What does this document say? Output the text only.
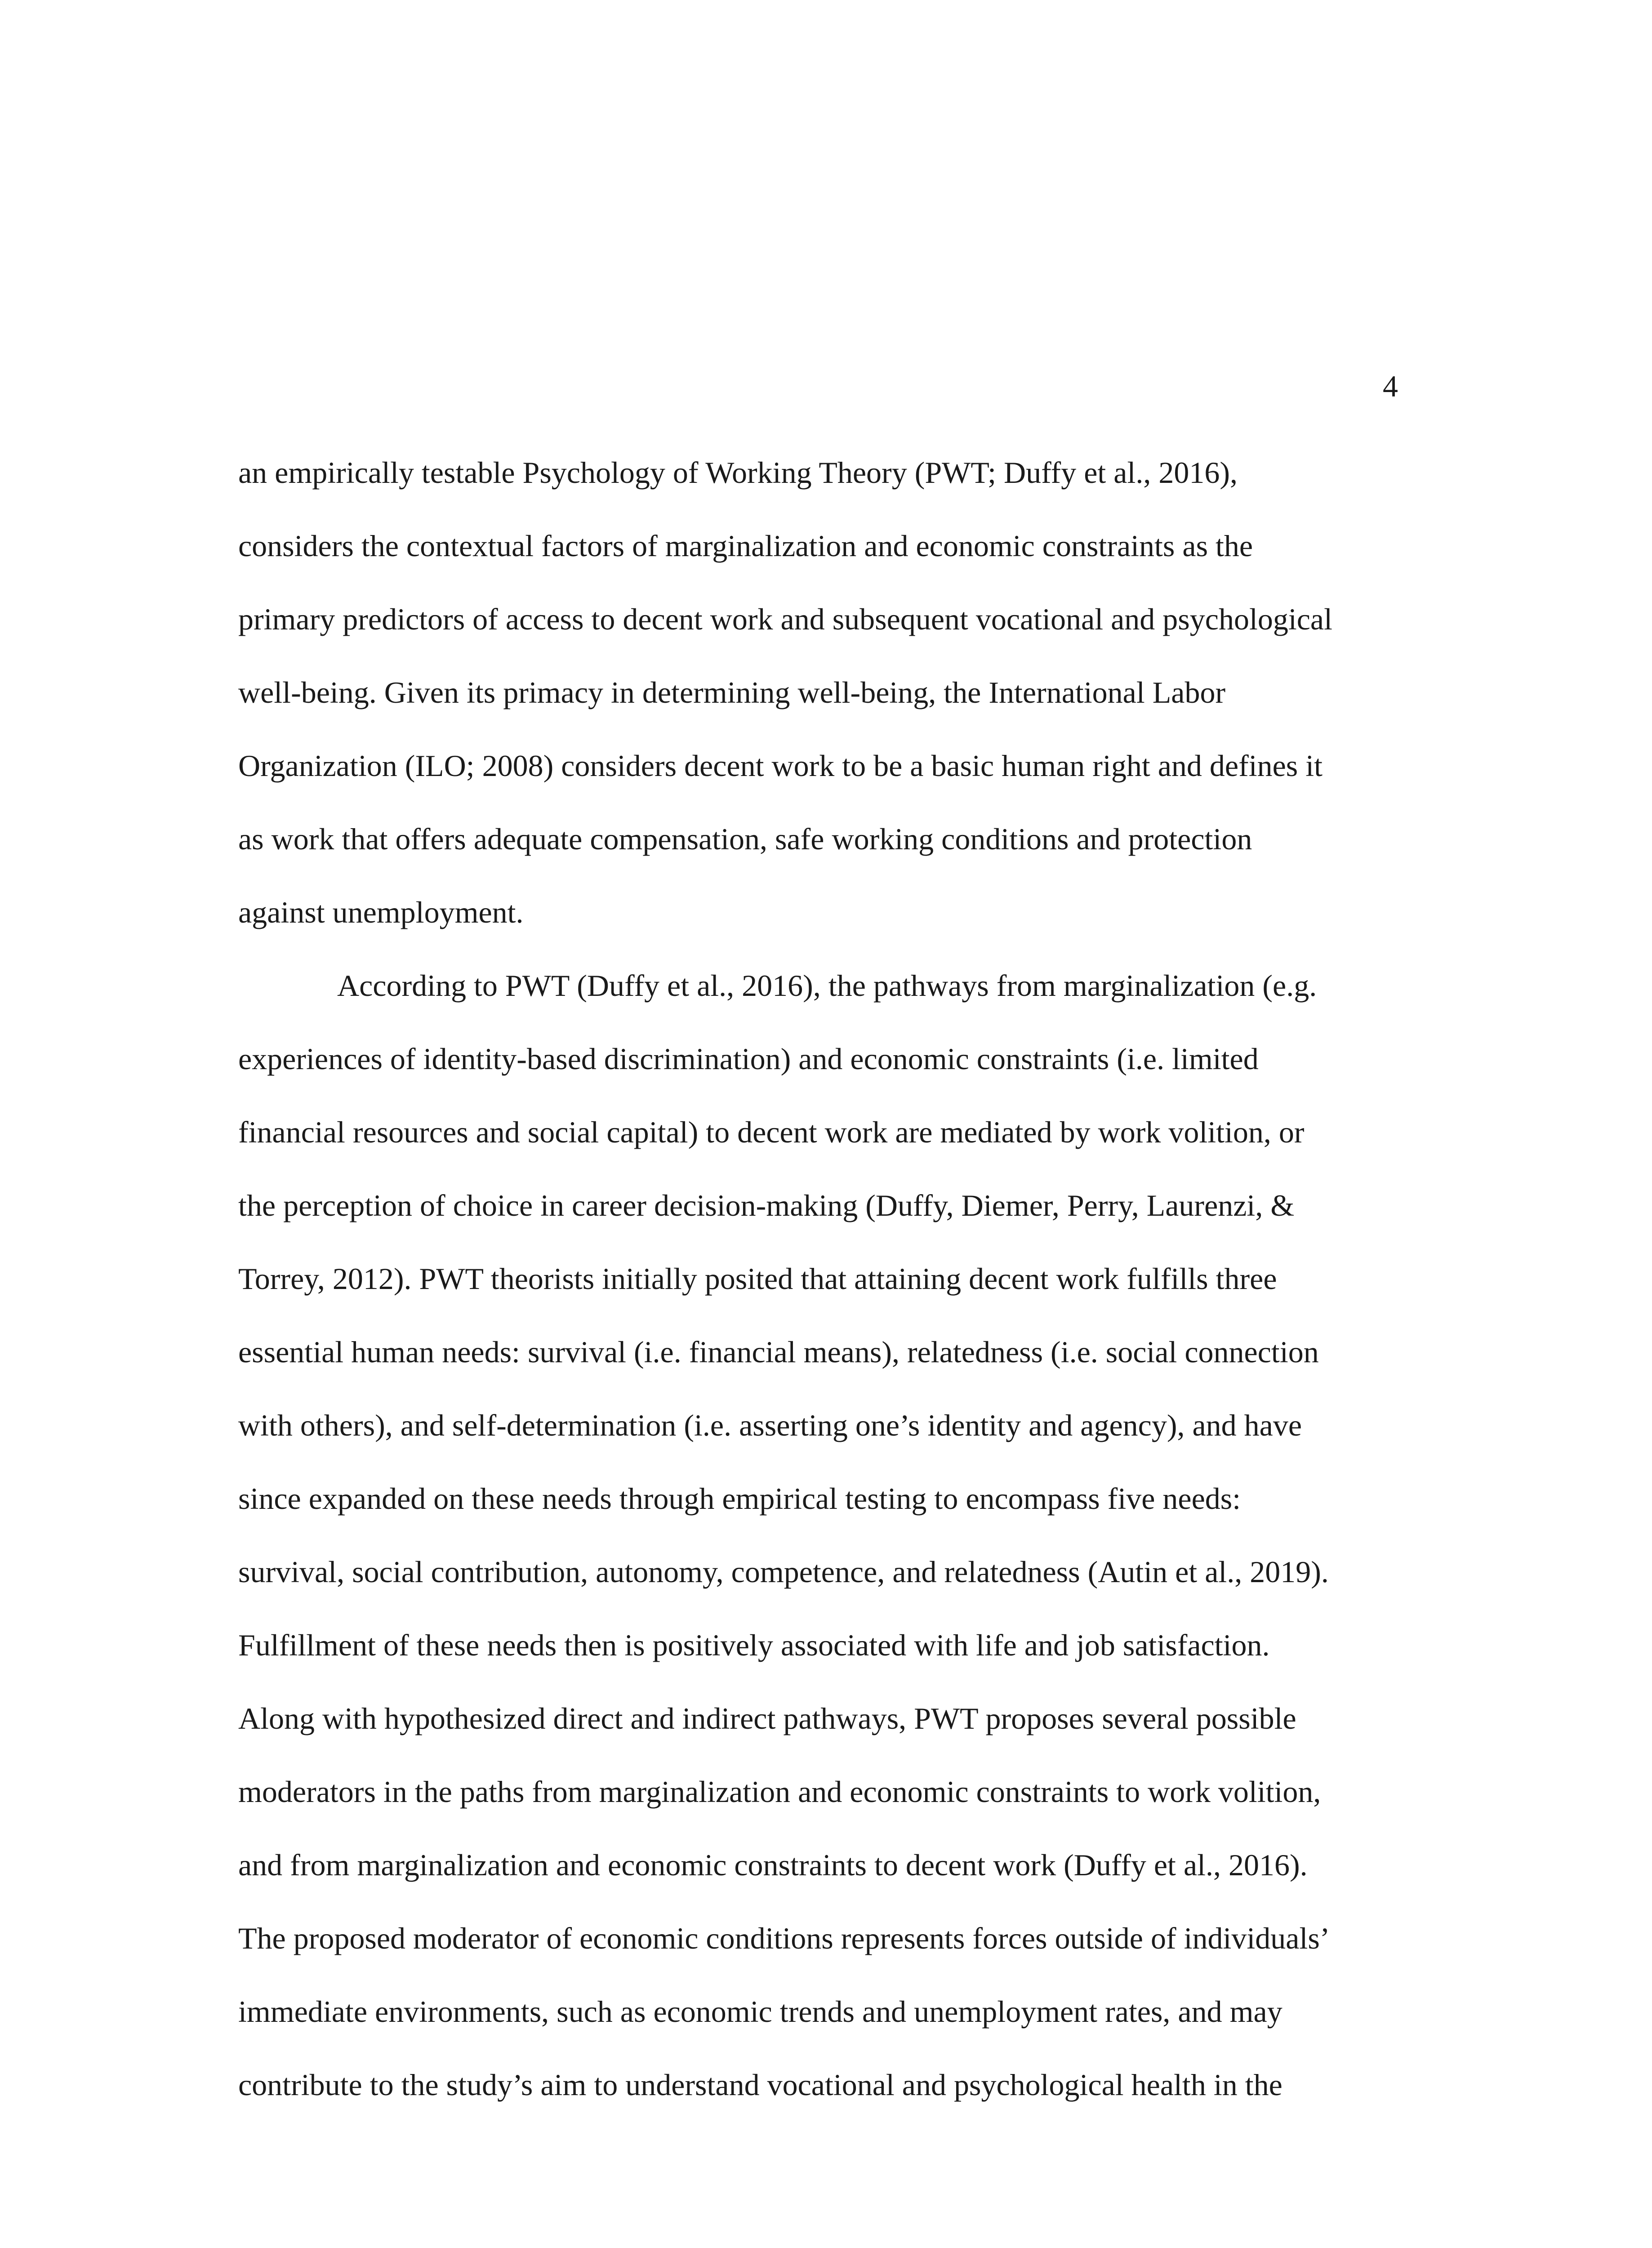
4
an empirically testable Psychology of Working Theory (PWT; Duffy et al., 2016),
considers the contextual factors of marginalization and economic constraints as the
primary predictors of access to decent work and subsequent vocational and psychological
well-being. Given its primacy in determining well-being, the International Labor
Organization (ILO; 2008) considers decent work to be a basic human right and defines it
as work that offers adequate compensation, safe working conditions and protection
against unemployment.
According to PWT (Duffy et al., 2016), the pathways from marginalization (e.g.
experiences of identity-based discrimination) and economic constraints (i.e. limited
financial resources and social capital) to decent work are mediated by work volition, or
the perception of choice in career decision-making (Duffy, Diemer, Perry, Laurenzi, &
Torrey, 2012). PWT theorists initially posited that attaining decent work fulfills three
essential human needs: survival (i.e. financial means), relatedness (i.e. social connection
with others), and self-determination (i.e. asserting one’s identity and agency), and have
since expanded on these needs through empirical testing to encompass five needs:
survival, social contribution, autonomy, competence, and relatedness (Autin et al., 2019).
Fulfillment of these needs then is positively associated with life and job satisfaction.
Along with hypothesized direct and indirect pathways, PWT proposes several possible
moderators in the paths from marginalization and economic constraints to work volition,
and from marginalization and economic constraints to decent work (Duffy et al., 2016).
The proposed moderator of economic conditions represents forces outside of individuals’
immediate environments, such as economic trends and unemployment rates, and may
contribute to the study’s aim to understand vocational and psychological health in the
